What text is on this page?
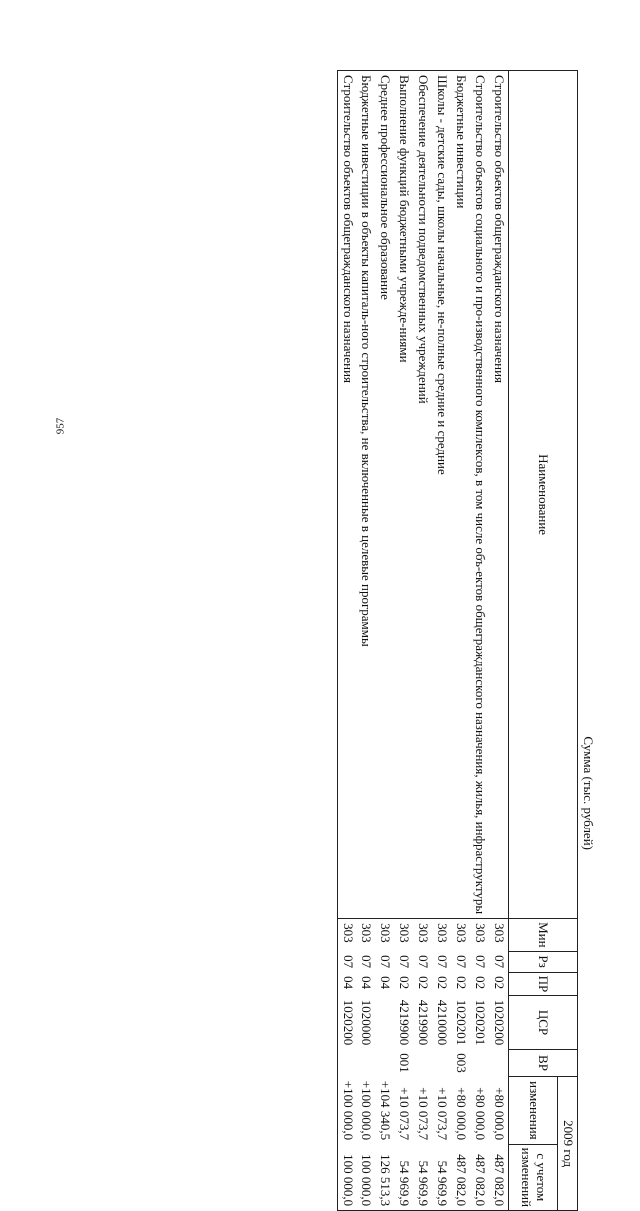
957
Сумма (тыс. рублей)
Наименование	Мин	Рз	ПР	ЦСР	ВР	2009 год	
						изменения	с учетом изменений
Строительство объектов общегражданского назначения	303	07	02	1020200		+80 000,0	487 082,0
Строительство объектов социального и про-изводственного комплексов, в том числе объ-ектов общегражданского назначения, жилья, инфраструктуры	303	07	02	1020201		+80 000,0	487 082,0
Бюджетные инвестиции	303	07	02	1020201	003	+80 000,0	487 082,0
Школы - детские сады, школы начальные, не-полные средние и средние	303	07	02	4210000		+10 073,7	54 969,9
Обеспечение деятельности подведомственных учреждений	303	07	02	4219900		+10 073,7	54 969,9
Выполнение функций бюджетными учрежде-ниями	303	07	02	4219900	001	+10 073,7	54 969,9
Среднее профессиональное образование	303	07	04			+104 340,5	126 513,3
Бюджетные инвестиции в объекты капиталь-ного строительства, не включенные в целевые программы	303	07	04	1020000		+100 000,0	100 000,0
Строительство объектов общегражданского назначения	303	07	04	1020200		+100 000,0	100 000,0
